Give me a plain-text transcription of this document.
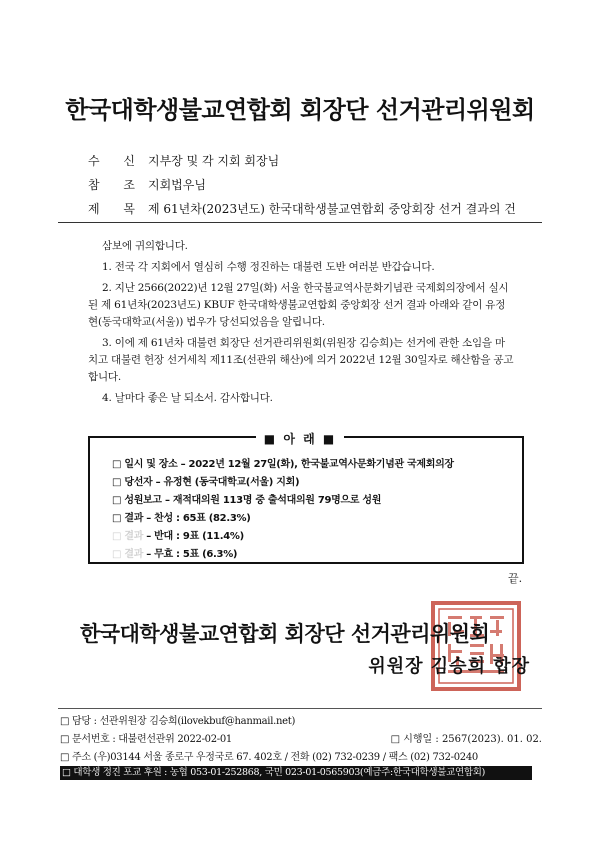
한국대학생불교연합회 회장단 선거관리위원회
수 신 지부장 및 각 지회 회장님
참 조 지회법우님
제 목 제 61년차(2023년도) 한국대학생불교연합회 중앙회장 선거 결과의 건

삼보에 귀의합니다.

1. 전국 각 지회에서 열심히 수행 정진하는 대불련 도반 여러분 반갑습니다.

2. 지난 2566(2022)년 12월 27일(화) 서울 한국불교역사문화기념관 국제회의장에서 실시된 제 61년차(2023년도) KBUF 한국대학생불교연합회 중앙회장 선거 결과 아래와 같이 유정현(동국대학교(서울)) 법우가 당선되었음을 알립니다.

3. 이에 제 61년차 대불련 회장단 선거관리위원회(위원장 김승희)는 선거에 관한 소임을 마치고 대불련 헌장 선거세칙 제11조(선관위 해산)에 의거 2022년 12월 30일자로 해산함을 공고합니다.

4. 날마다 좋은 날 되소서. 감사합니다.

■ 아 래 ■
□ 일시 및 장소 – 2022년 12월 27일(화), 한국불교역사문화기념관 국제회의장
□ 당선자 – 유정현 (동국대학교(서울) 지회)
□ 성원보고 – 재적대의원 113명 중 출석대의원 79명으로 성원
□ 결과 – 찬성 : 65표 (82.3%)
□ 결과 – 반대 : 9표 (11.4%)
□ 결과 – 무효 : 5표 (6.3%)
끝.
한국대학생불교연합회 회장단 선거관리위원회
위원장 김승희 합장
□ 담당 : 선관위원장 김승희(ilovekbuf@hanmail.net)
□ 문서번호 : 대불련선관위 2022-02-01	□ 시행일 : 2567(2023). 01. 02.
□ 주소 (우)03144 서울 종로구 우정국로 67. 402호 / 전화 (02) 732-0239 / 팩스 (02) 732-0240
□ 대학생 정진 포교 후원 : 농협 053-01-252868, 국민 023-01-0565903(예금주:한국대학생불교연합회)
